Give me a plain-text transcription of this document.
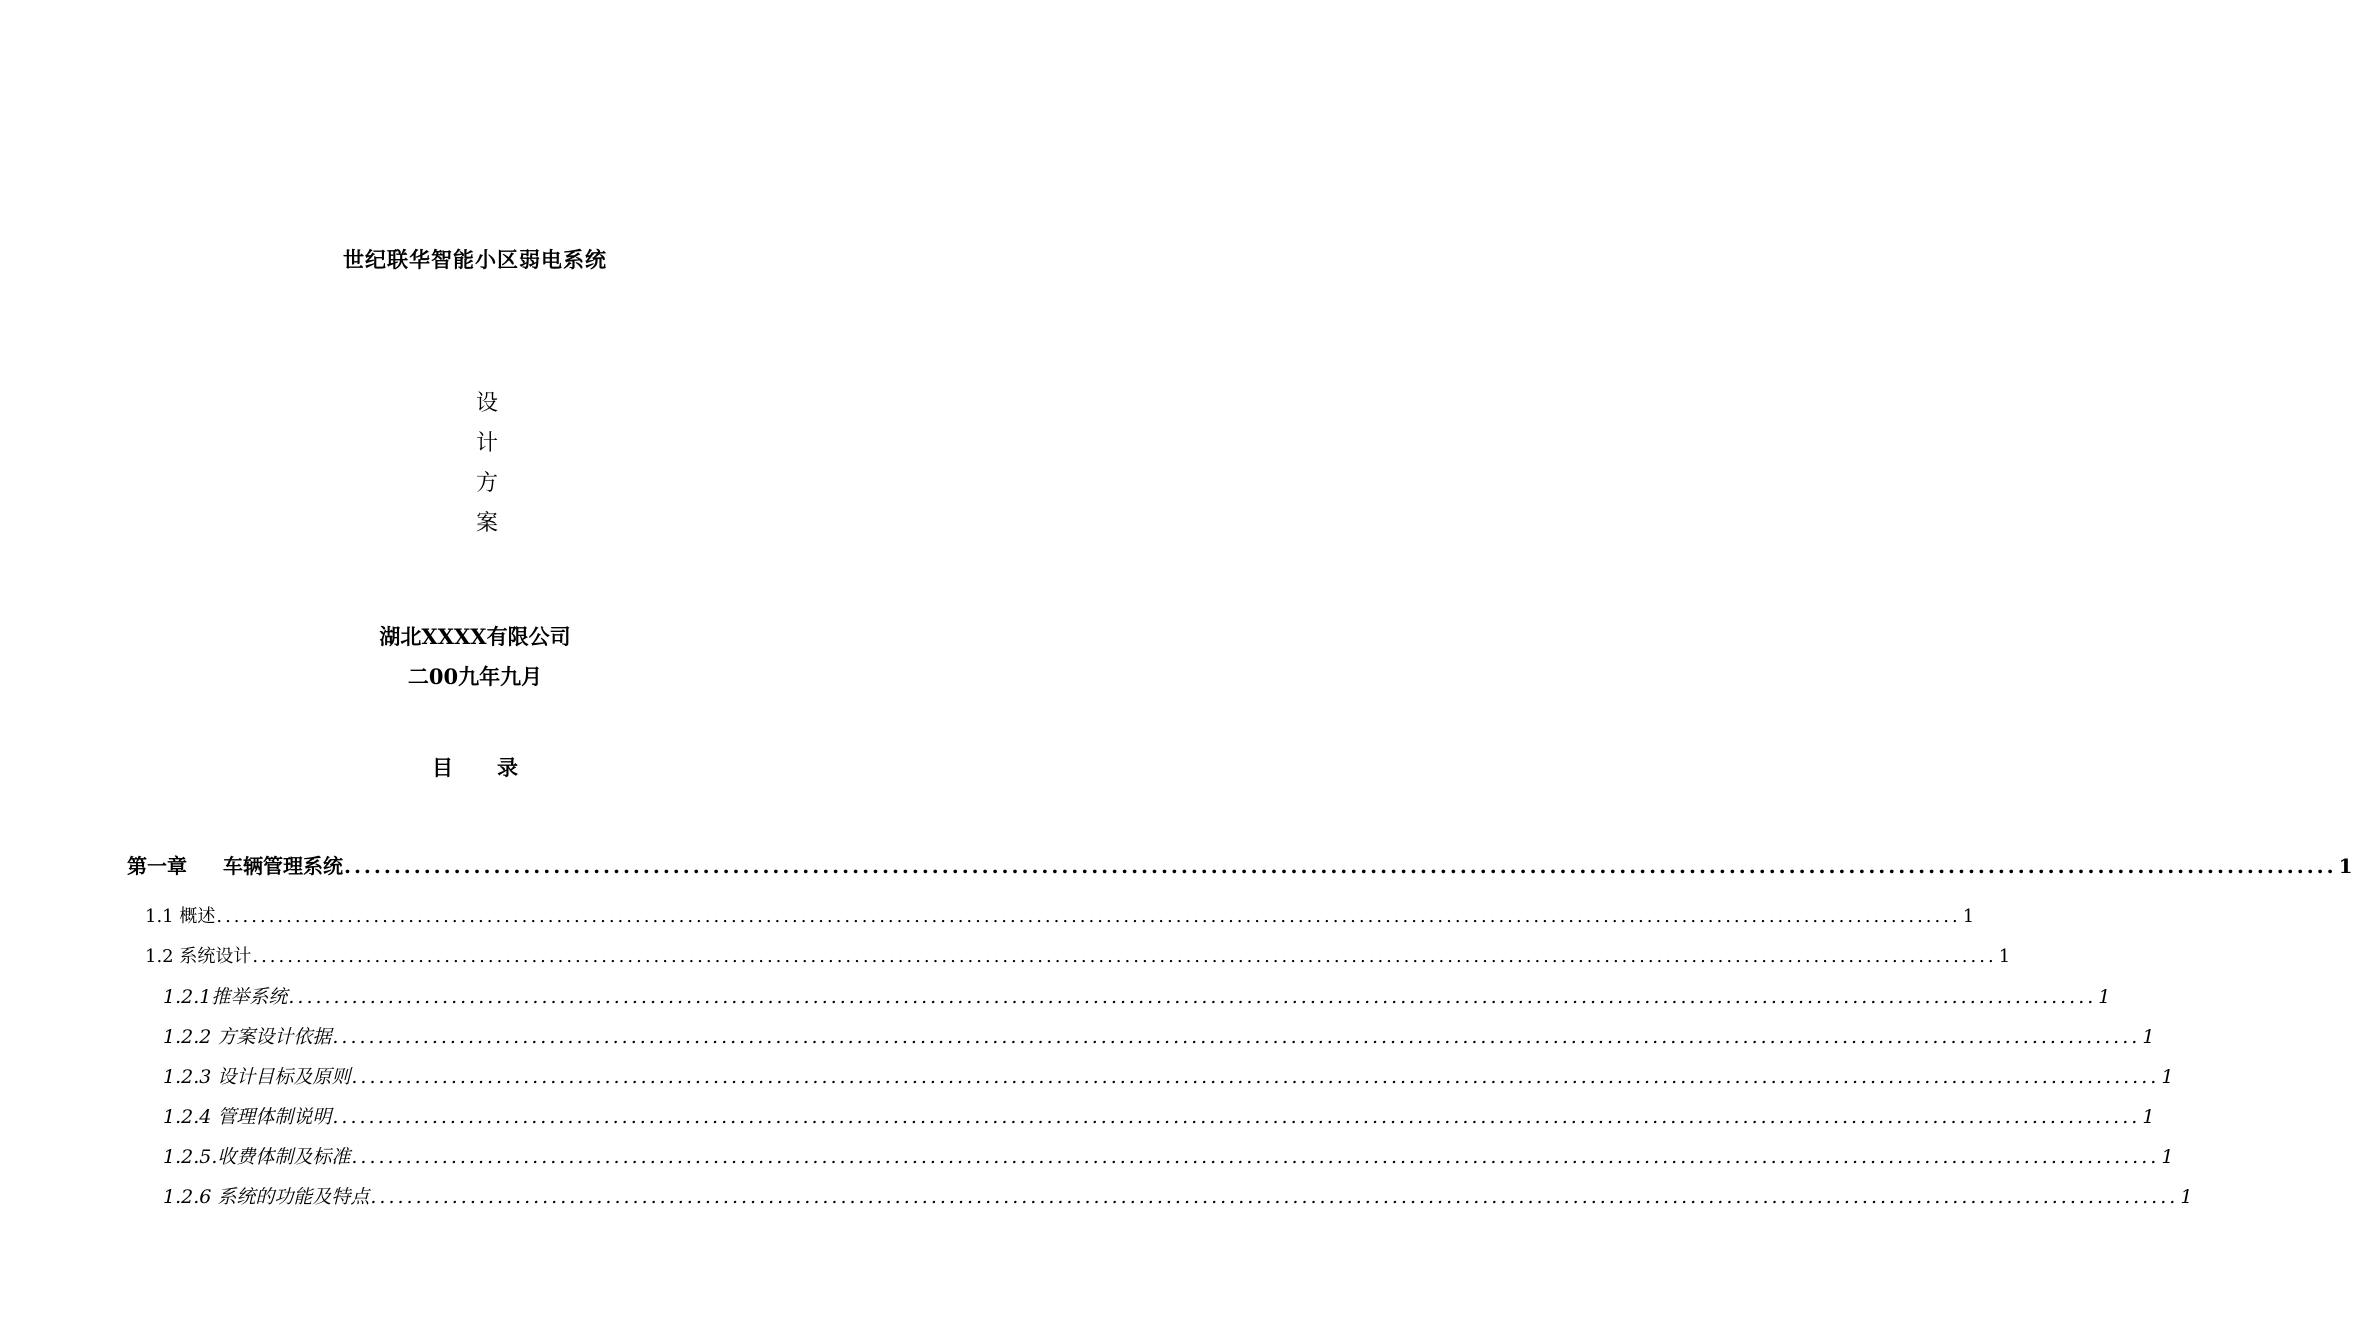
世纪联华智能小区弱电系统
设
计
方
案
湖北XXXX有限公司
二00九年九月
目 录
第一章 车辆管理系统 ........................................................................................................................................................................................................ 1
1.1 概述 ........................................................................................................................................................................................................ 1
1.2 系统设计 ........................................................................................................................................................................................................ 1
1.2.1推举系统 ........................................................................................................................................................................................................ 1
1.2.2 方案设计依据 ........................................................................................................................................................................................................ 1
1.2.3 设计目标及原则 ........................................................................................................................................................................................................ 1
1.2.4 管理体制说明 ........................................................................................................................................................................................................ 1
1.2.5.收费体制及标准 ........................................................................................................................................................................................................ 1
1.2.6 系统的功能及特点 ........................................................................................................................................................................................................ 1
